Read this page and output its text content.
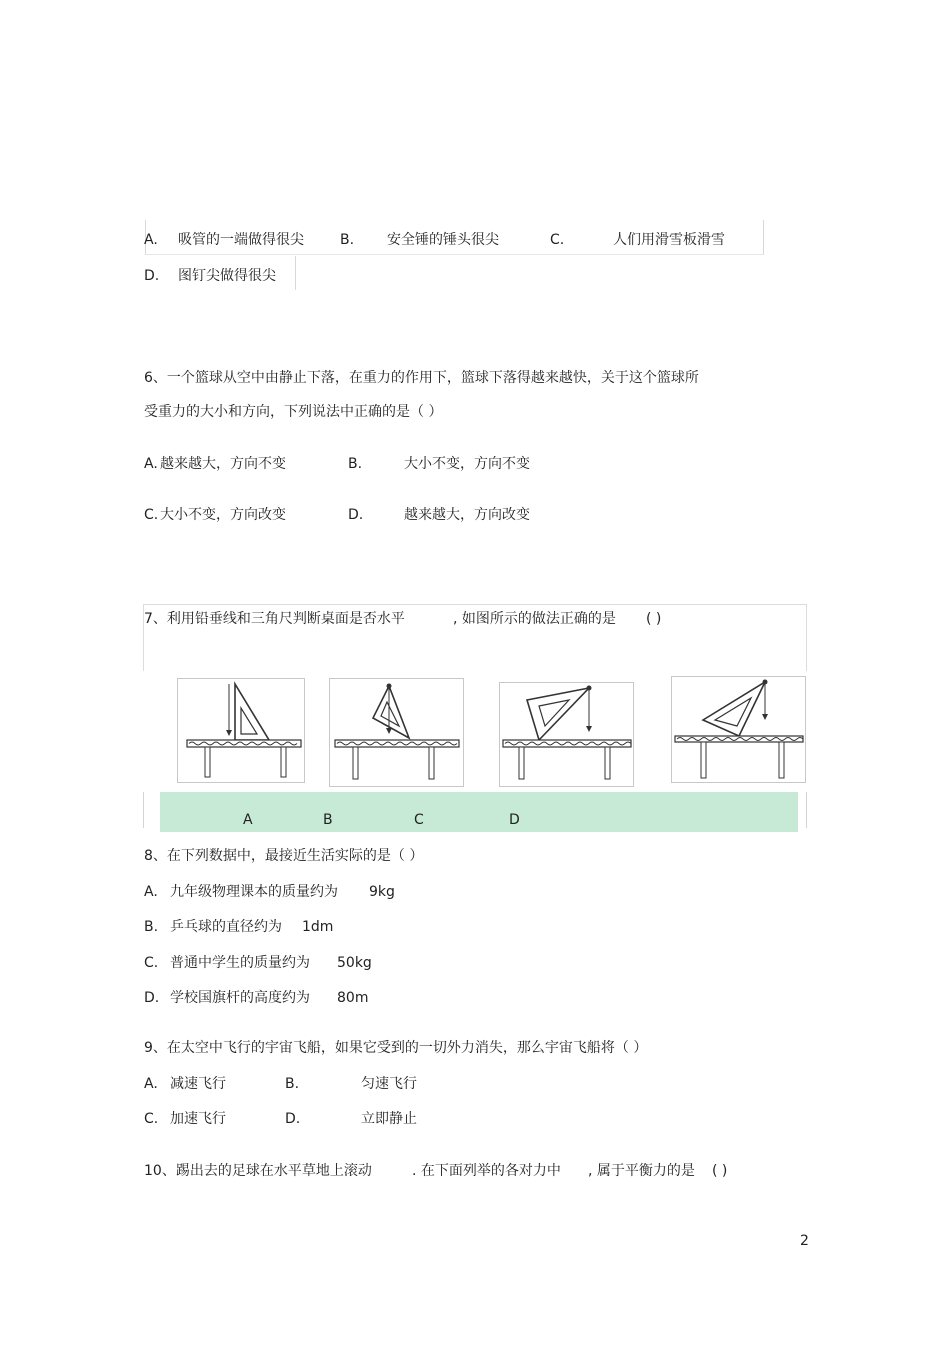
A. 吸管的一端做得很尖	B. 安全锤的锤头很尖	C.	人们用滑雪板滑雪
D. 图钉尖做得很尖
6、一个篮球从空中由静止下落，在重力的作用下，篮球下落得越来越快，关于这个篮球所
受重力的大小和方向，下列说法中正确的是（ ）
A. 越来越大，方向不变	B.	大小不变，方向不变
C. 大小不变，方向改变	D.	越来越大，方向改变
7、利用铅垂线和三角尺判断桌面是否水平	, 如图所示的做法正确的是 ( )
A	B	C	D
8、在下列数据中，最接近生活实际的是（ ）
A. 九年级物理课本的质量约为 9kg
B. 乒乓球的直径约为 1dm
C. 普通中学生的质量约为 50kg
D. 学校国旗杆的高度约为 80m
9、在太空中飞行的宇宙飞船，如果它受到的一切外力消失，那么宇宙飞船将（ ）
A. 减速飞行	B.	匀速飞行
C. 加速飞行	D.	立即静止
10、踢出去的足球在水平草地上滚动	. 在下面列举的各对力中 , 属于平衡力的是 ( )
2
